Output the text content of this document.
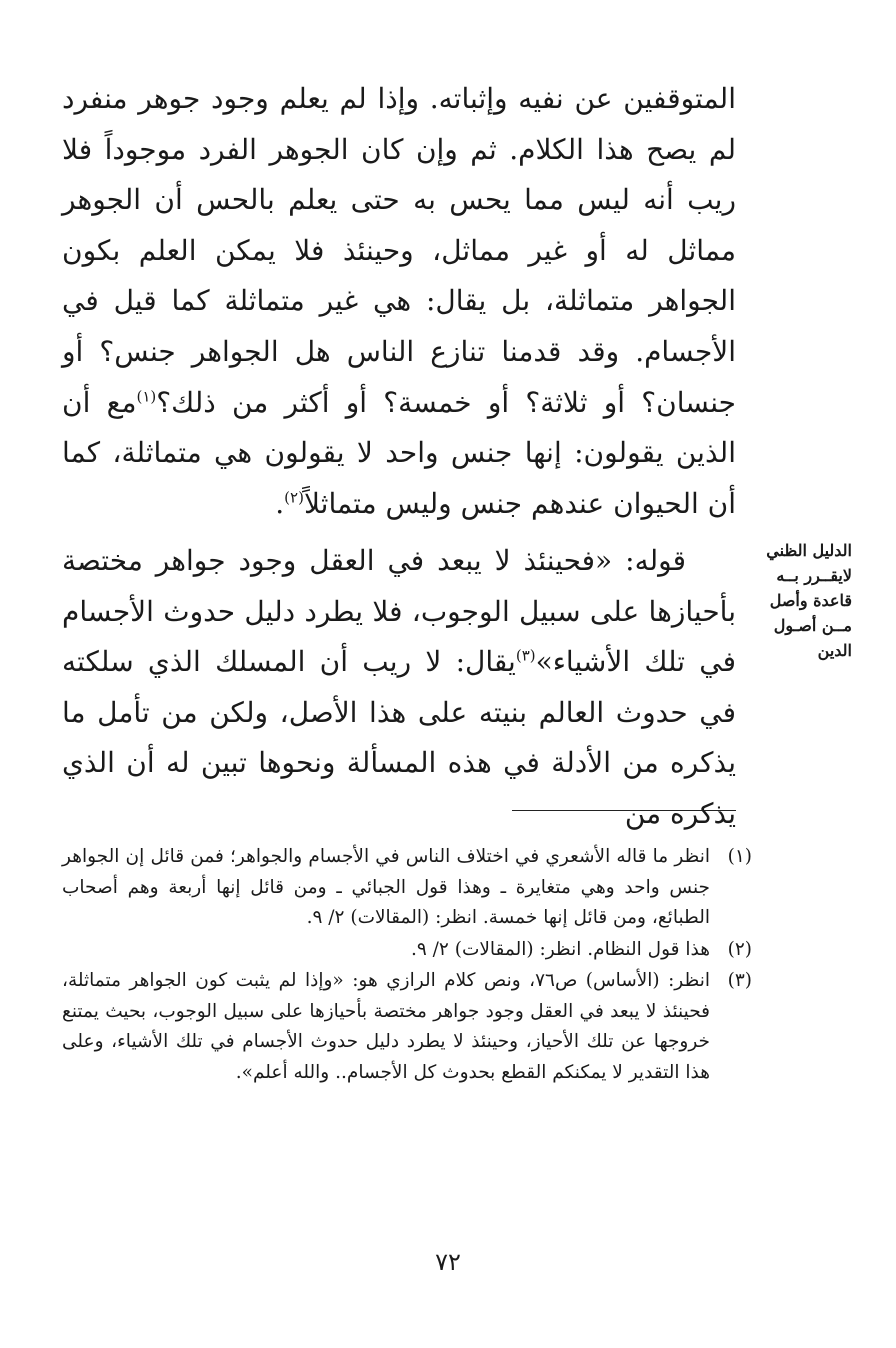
المتوقفين عن نفيه وإثباته. وإذا لم يعلم وجود جوهر منفرد لم يصح هذا الكلام. ثم وإن كان الجوهر الفرد موجوداً فلا ريب أنه ليس مما يحس به حتى يعلم بالحس أن الجوهر مماثل له أو غير مماثل، وحينئذ فلا يمكن العلم بكون الجواهر متماثلة، بل يقال: هي غير متماثلة كما قيل في الأجسام. وقد قدمنا تنازع الناس هل الجواهر جنس؟ أو جنسان؟ أو ثلاثة؟ أو خمسة؟ أو أكثر من ذلك؟$^{(١)}$مع أن الذين يقولون: إنها جنس واحد لا يقولون هي متماثلة، كما أن الحيوان عندهم جنس وليس متماثلاً$^{(٢)}$.

قوله: «فحينئذ لا يبعد في العقل وجود جواهر مختصة بأحيازها على سبيل الوجوب، فلا يطرد دليل حدوث الأجسام في تلك الأشياء»$^{(٣)}$يقال: لا ريب أن المسلك الذي سلكته في حدوث العالم بنيته على هذا الأصل، ولكن من تأمل ما يذكره من الأدلة في هذه المسألة ونحوها تبين له أن الذي يذكره من

الدليل الظني
لايقــرر بــه
قاعدة وأصل
مــن أصـول
الدين
(١)
انظر ما قاله الأشعري في اختلاف الناس في الأجسام والجواهر؛ فمن قائل إن الجواهر جنس واحد وهي متغايرة ـ وهذا قول الجبائي ـ ومن قائل إنها أربعة وهم أصحاب الطبائع، ومن قائل إنها خمسة. انظر: (المقالات) ٢/ ٩.
(٢)
هذا قول النظام. انظر: (المقالات) ٢/ ٩.
(٣)
انظر: (الأساس) ص٧٦، ونص كلام الرازي هو: «وإذا لم يثبت كون الجواهر متماثلة، فحينئذ لا يبعد في العقل وجود جواهر مختصة بأحيازها على سبيل الوجوب، بحيث يمتنع خروجها عن تلك الأحياز، وحينئذ لا يطرد دليل حدوث الأجسام في تلك الأشياء، وعلى هذا التقدير لا يمكنكم القطع بحدوث كل الأجسام.. والله أعلم».
٧٢
